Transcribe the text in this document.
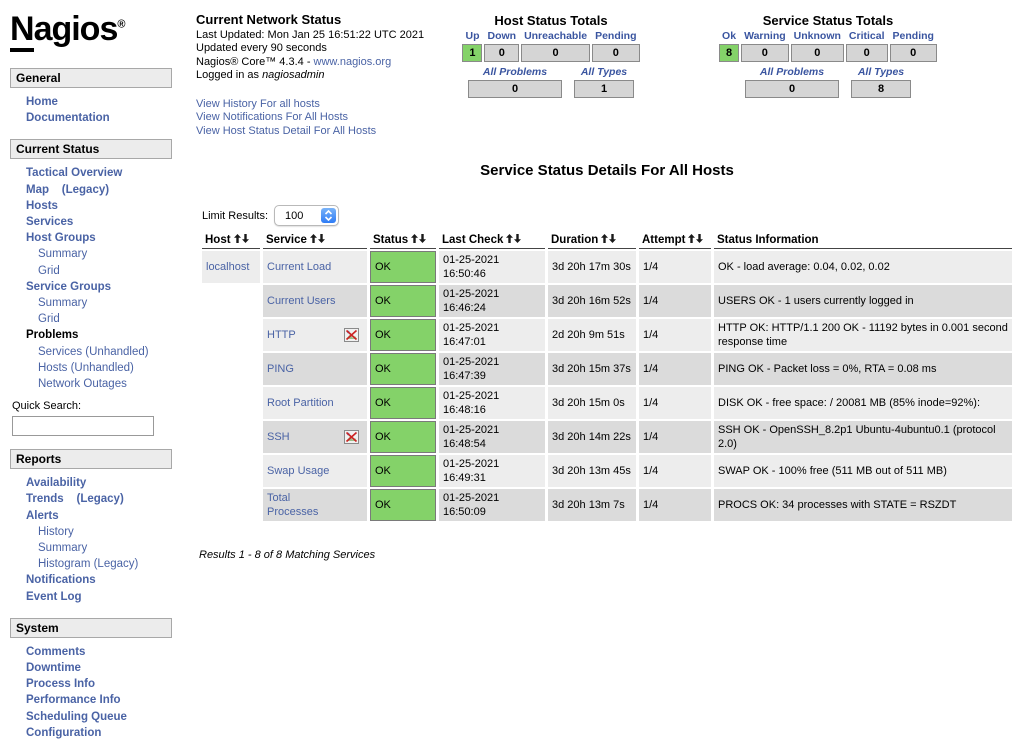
Nagios®
General
Home
Documentation
Current Status
Tactical Overview
Map    (Legacy)
Hosts
Services
Host Groups
Summary
Grid
Service Groups
Summary
Grid
Problems
Services (Unhandled)
Hosts (Unhandled)
Network Outages
Quick Search:
Reports
Availability
Trends    (Legacy)
Alerts
History
Summary
Histogram (Legacy)
Notifications
Event Log
System
Comments
Downtime
Process Info
Performance Info
Scheduling Queue
Configuration
Current Network Status
Last Updated: Mon Jan 25 16:51:22 UTC 2021
Updated every 90 seconds
Nagios® Core™ 4.3.4 - www.nagios.org
Logged in as nagiosadmin
View History For all hosts
View Notifications For All Hosts
View Host Status Detail For All Hosts
Host Status Totals
Up
1
Down
0
Unreachable
0
Pending
0
All Problems
0
All Types
1
Service Status Totals
Ok
8
Warning
0
Unknown
0
Critical
0
Pending
0
All Problems
0
All Types
8
Service Status Details For All Hosts
Limit Results: 100
Host	Service	Status	Last Check	Duration	Attempt	Status Information
localhost	Current Load	OK	01-25-2021 16:50:46	3d 20h 17m 30s	1/4	OK - load average: 0.04, 0.02, 0.02

	Current Users	OK	01-25-2021 16:46:24	3d 20h 16m 52s	1/4	USERS OK - 1 users currently logged in

	HTTP	OK	01-25-2021 16:47:01	2d 20h 9m 51s	1/4	HTTP OK: HTTP/1.1 200 OK - 11192 bytes in 0.001 second response time

	PING	OK	01-25-2021 16:47:39	3d 20h 15m 37s	1/4	PING OK - Packet loss = 0%, RTA = 0.08 ms

	Root Partition	OK	01-25-2021 16:48:16	3d 20h 15m 0s	1/4	DISK OK - free space: / 20081 MB (85% inode=92%):

	SSH	OK	01-25-2021 16:48:54	3d 20h 14m 22s	1/4	SSH OK - OpenSSH_8.2p1 Ubuntu-4ubuntu0.1 (protocol 2.0)

	Swap Usage	OK	01-25-2021 16:49:31	3d 20h 13m 45s	1/4	SWAP OK - 100% free (511 MB out of 511 MB)

	Total Processes	OK	01-25-2021 16:50:09	3d 20h 13m 7s	1/4	PROCS OK: 34 processes with STATE = RSZDT
Results 1 - 8 of 8 Matching Services
